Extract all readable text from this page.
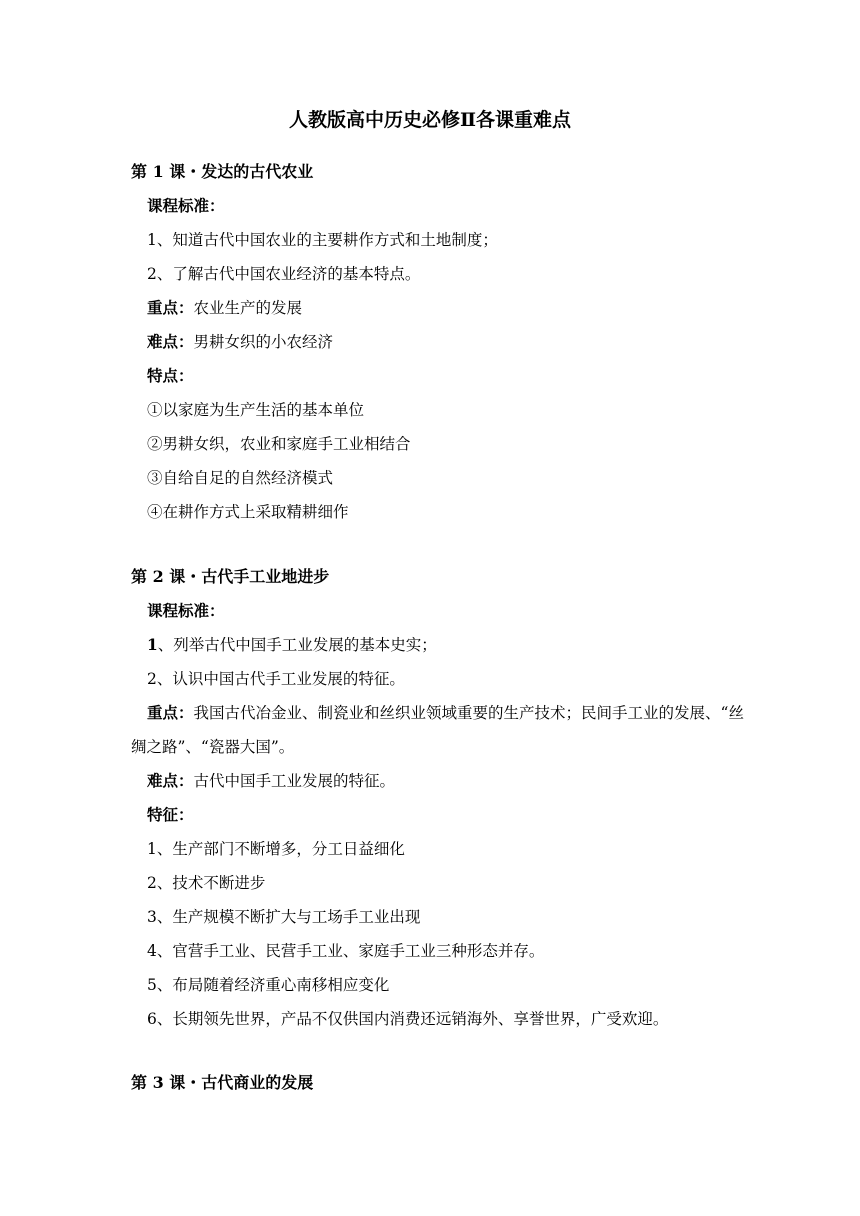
人教版高中历史必修Ⅱ各课重难点

第 1 课・发达的古代农业

课程标准：

1、知道古代中国农业的主要耕作方式和土地制度；

2、了解古代中国农业经济的基本特点。

重点：农业生产的发展

难点：男耕女织的小农经济

特点：

①以家庭为生产生活的基本单位

②男耕女织，农业和家庭手工业相结合

③自给自足的自然经济模式

④在耕作方式上采取精耕细作

第 2 课・古代手工业地进步

课程标准：

1、列举古代中国手工业发展的基本史实；

2、认识中国古代手工业发展的特征。

重点：我国古代冶金业、制瓷业和丝织业领域重要的生产技术；民间手工业的发展、“丝绸之路”、“瓷器大国”。

难点：古代中国手工业发展的特征。

特征：

1、生产部门不断增多，分工日益细化

2、技术不断进步

3、生产规模不断扩大与工场手工业出现

4、官营手工业、民营手工业、家庭手工业三种形态并存。

5、布局随着经济重心南移相应变化

6、长期领先世界，产品不仅供国内消费还远销海外、享誉世界，广受欢迎。

第 3 课・古代商业的发展
